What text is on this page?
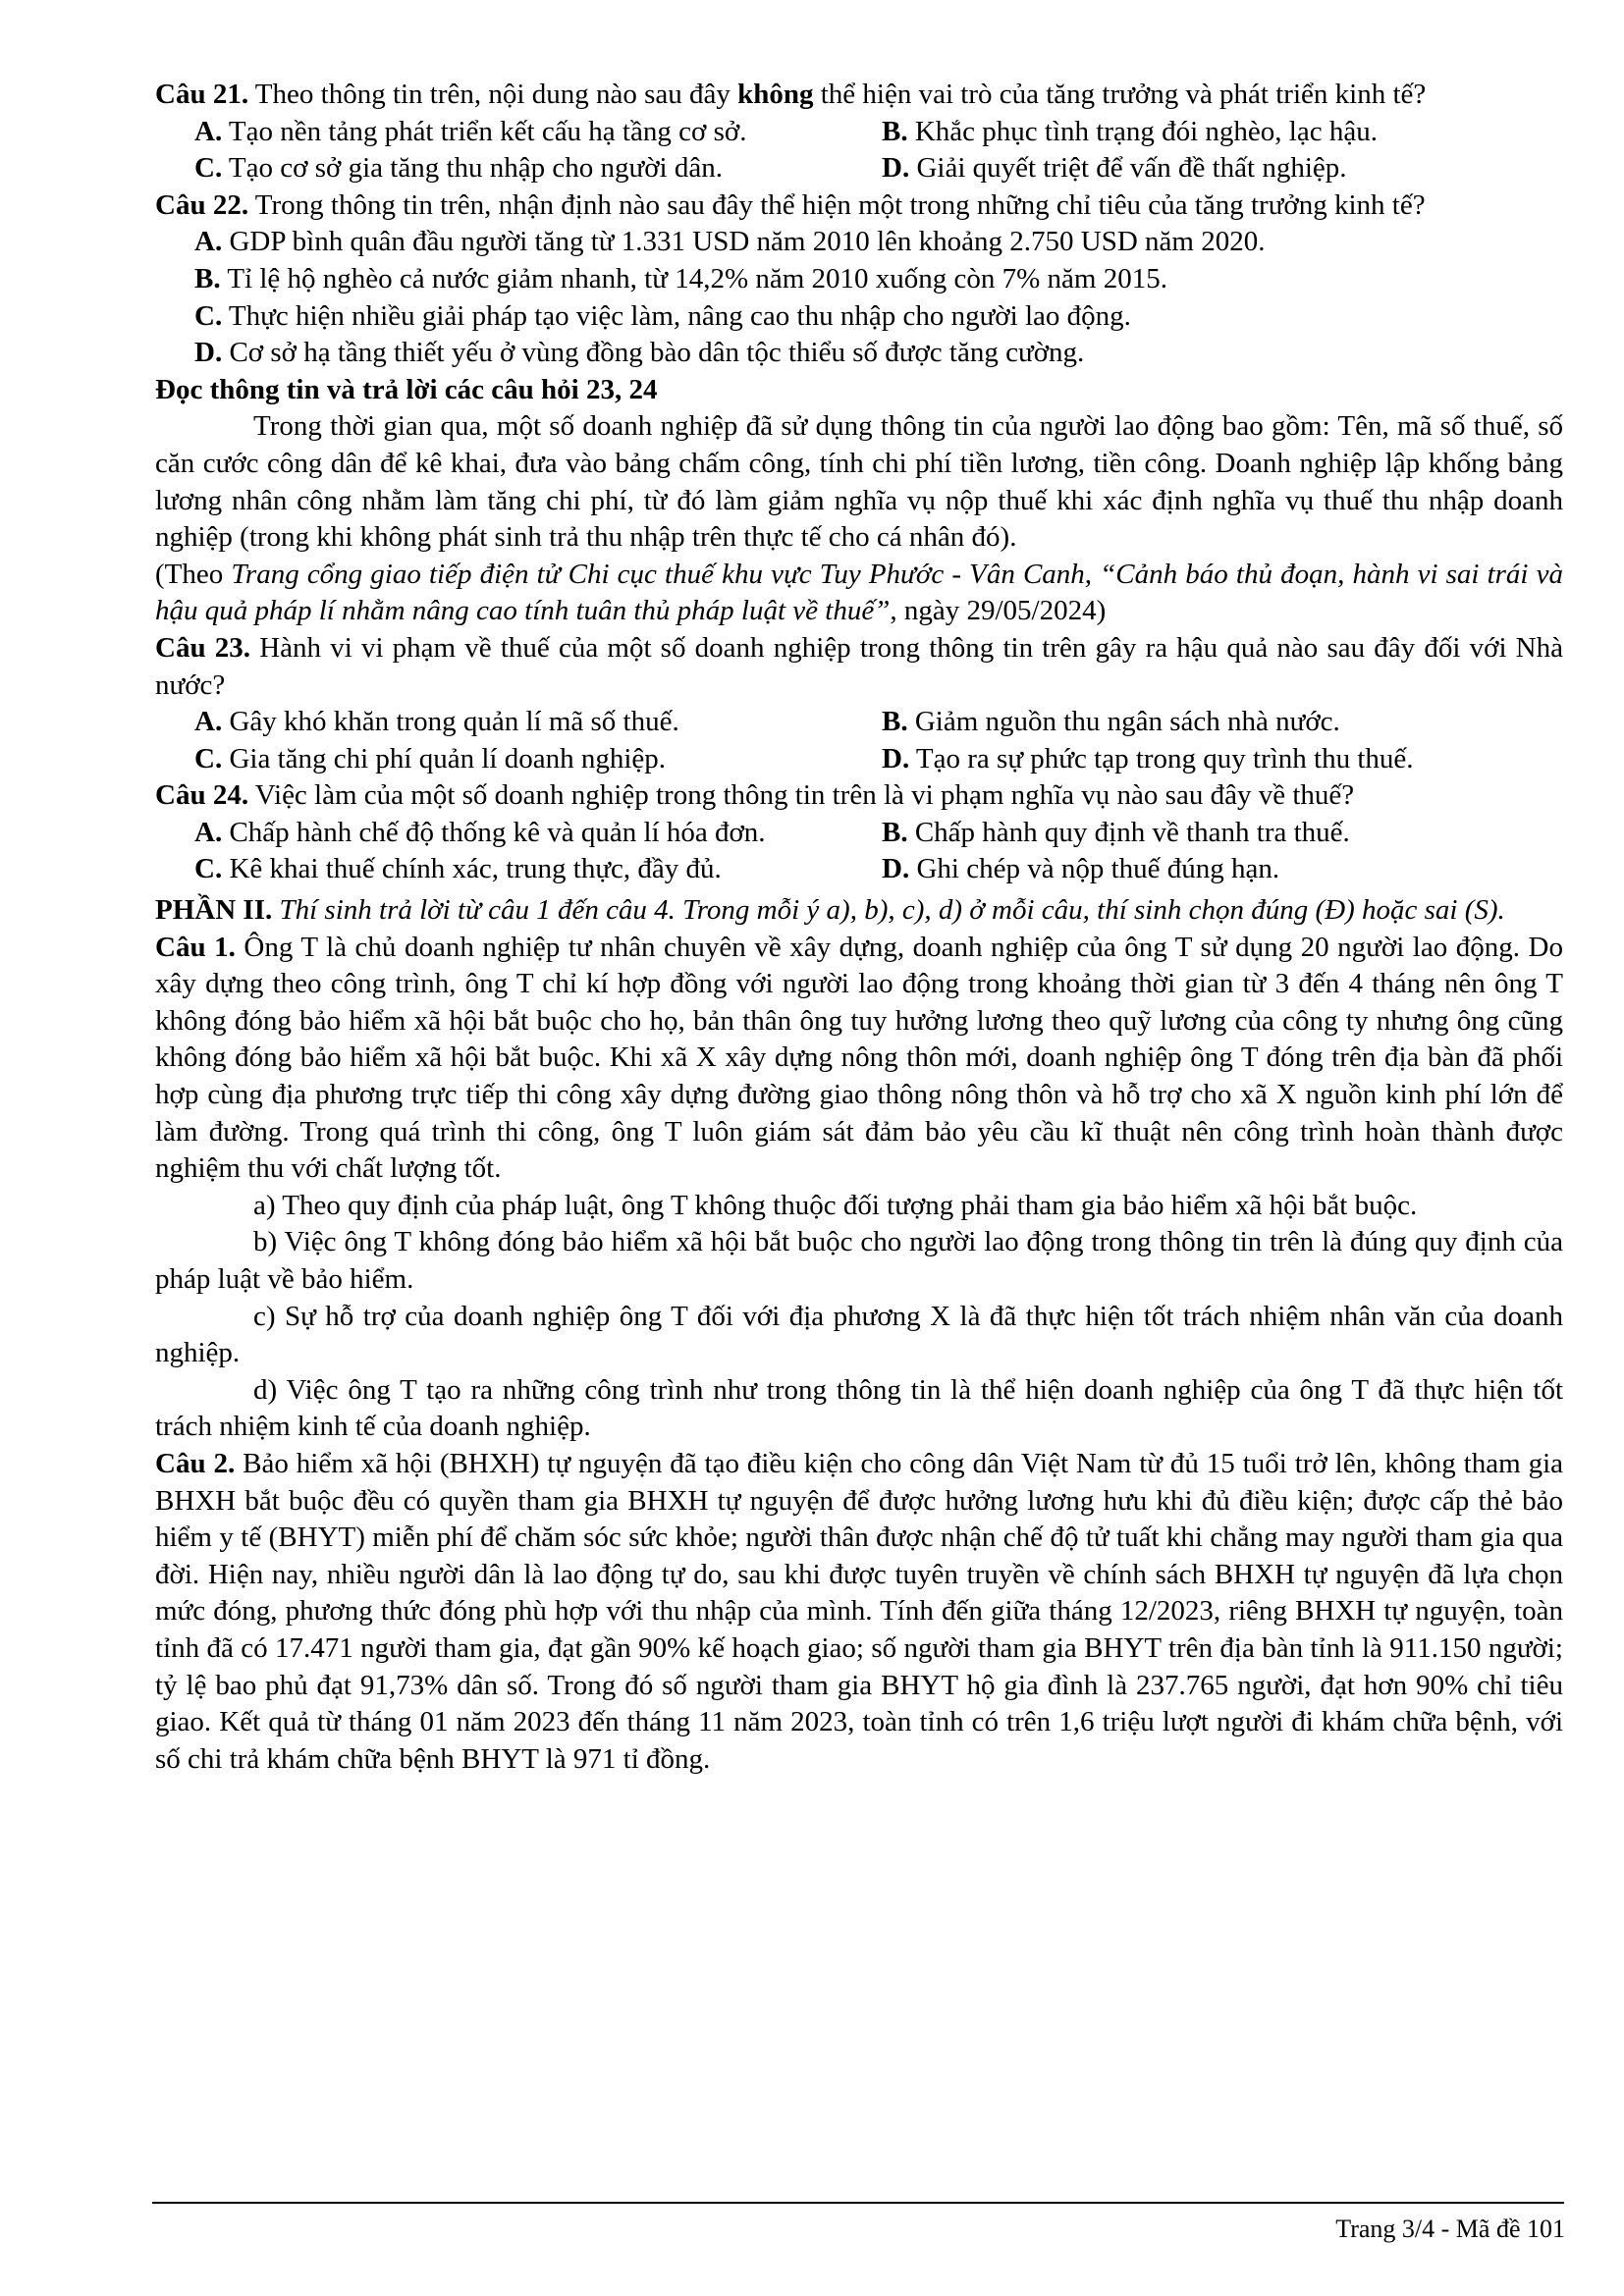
Câu 21. Theo thông tin trên, nội dung nào sau đây không thể hiện vai trò của tăng trưởng và phát triển kinh tế?

A. Tạo nền tảng phát triển kết cấu hạ tầng cơ sở.	B. Khắc phục tình trạng đói nghèo, lạc hậu.
C. Tạo cơ sở gia tăng thu nhập cho người dân.	D. Giải quyết triệt để vấn đề thất nghiệp.

Câu 22. Trong thông tin trên, nhận định nào sau đây thể hiện một trong những chỉ tiêu của tăng trưởng kinh tế?

A. GDP bình quân đầu người tăng từ 1.331 USD năm 2010 lên khoảng 2.750 USD năm 2020.
B. Tỉ lệ hộ nghèo cả nước giảm nhanh, từ 14,2% năm 2010 xuống còn 7% năm 2015.
C. Thực hiện nhiều giải pháp tạo việc làm, nâng cao thu nhập cho người lao động.
D. Cơ sở hạ tầng thiết yếu ở vùng đồng bào dân tộc thiểu số được tăng cường.

Đọc thông tin và trả lời các câu hỏi 23, 24

Trong thời gian qua, một số doanh nghiệp đã sử dụng thông tin của người lao động bao gồm: Tên, mã số thuế, số căn cước công dân để kê khai, đưa vào bảng chấm công, tính chi phí tiền lương, tiền công. Doanh nghiệp lập khống bảng lương nhân công nhằm làm tăng chi phí, từ đó làm giảm nghĩa vụ nộp thuế khi xác định nghĩa vụ thuế thu nhập doanh nghiệp (trong khi không phát sinh trả thu nhập trên thực tế cho cá nhân đó).

(Theo Trang cổng giao tiếp điện tử Chi cục thuế khu vực Tuy Phước - Vân Canh, “Cảnh báo thủ đoạn, hành vi sai trái và hậu quả pháp lí nhằm nâng cao tính tuân thủ pháp luật về thuế”, ngày 29/05/2024)

Câu 23. Hành vi vi phạm về thuế của một số doanh nghiệp trong thông tin trên gây ra hậu quả nào sau đây đối với Nhà nước?

A. Gây khó khăn trong quản lí mã số thuế.	B. Giảm nguồn thu ngân sách nhà nước.
C. Gia tăng chi phí quản lí doanh nghiệp.	D. Tạo ra sự phức tạp trong quy trình thu thuế.

Câu 24. Việc làm của một số doanh nghiệp trong thông tin trên là vi phạm nghĩa vụ nào sau đây về thuế?

A. Chấp hành chế độ thống kê và quản lí hóa đơn.	B. Chấp hành quy định về thanh tra thuế.
C. Kê khai thuế chính xác, trung thực, đầy đủ.	D. Ghi chép và nộp thuế đúng hạn.

PHẦN II. Thí sinh trả lời từ câu 1 đến câu 4. Trong mỗi ý a), b), c), d) ở mỗi câu, thí sinh chọn đúng (Đ) hoặc sai (S).

Câu 1. Ông T là chủ doanh nghiệp tư nhân chuyên về xây dựng, doanh nghiệp của ông T sử dụng 20 người lao động. Do xây dựng theo công trình, ông T chỉ kí hợp đồng với người lao động trong khoảng thời gian từ 3 đến 4 tháng nên ông T không đóng bảo hiểm xã hội bắt buộc cho họ, bản thân ông tuy hưởng lương theo quỹ lương của công ty nhưng ông cũng không đóng bảo hiểm xã hội bắt buộc. Khi xã X xây dựng nông thôn mới, doanh nghiệp ông T đóng trên địa bàn đã phối hợp cùng địa phương trực tiếp thi công xây dựng đường giao thông nông thôn và hỗ trợ cho xã X nguồn kinh phí lớn để làm đường. Trong quá trình thi công, ông T luôn giám sát đảm bảo yêu cầu kĩ thuật nên công trình hoàn thành được nghiệm thu với chất lượng tốt.

a) Theo quy định của pháp luật, ông T không thuộc đối tượng phải tham gia bảo hiểm xã hội bắt buộc.

b) Việc ông T không đóng bảo hiểm xã hội bắt buộc cho người lao động trong thông tin trên là đúng quy định của pháp luật về bảo hiểm.

c) Sự hỗ trợ của doanh nghiệp ông T đối với địa phương X là đã thực hiện tốt trách nhiệm nhân văn của doanh nghiệp.

d) Việc ông T tạo ra những công trình như trong thông tin là thể hiện doanh nghiệp của ông T đã thực hiện tốt trách nhiệm kinh tế của doanh nghiệp.

Câu 2. Bảo hiểm xã hội (BHXH) tự nguyện đã tạo điều kiện cho công dân Việt Nam từ đủ 15 tuổi trở lên, không tham gia BHXH bắt buộc đều có quyền tham gia BHXH tự nguyện để được hưởng lương hưu khi đủ điều kiện; được cấp thẻ bảo hiểm y tế (BHYT) miễn phí để chăm sóc sức khỏe; người thân được nhận chế độ tử tuất khi chẳng may người tham gia qua đời. Hiện nay, nhiều người dân là lao động tự do, sau khi được tuyên truyền về chính sách BHXH tự nguyện đã lựa chọn mức đóng, phương thức đóng phù hợp với thu nhập của mình. Tính đến giữa tháng 12/2023, riêng BHXH tự nguyện, toàn tỉnh đã có 17.471 người tham gia, đạt gần 90% kế hoạch giao; số người tham gia BHYT trên địa bàn tỉnh là 911.150 người; tỷ lệ bao phủ đạt 91,73% dân số. Trong đó số người tham gia BHYT hộ gia đình là 237.765 người, đạt hơn 90% chỉ tiêu giao. Kết quả từ tháng 01 năm 2023 đến tháng 11 năm 2023, toàn tỉnh có trên 1,6 triệu lượt người đi khám chữa bệnh, với số chi trả khám chữa bệnh BHYT là 971 tỉ đồng.

Trang 3/4 - Mã đề 101
